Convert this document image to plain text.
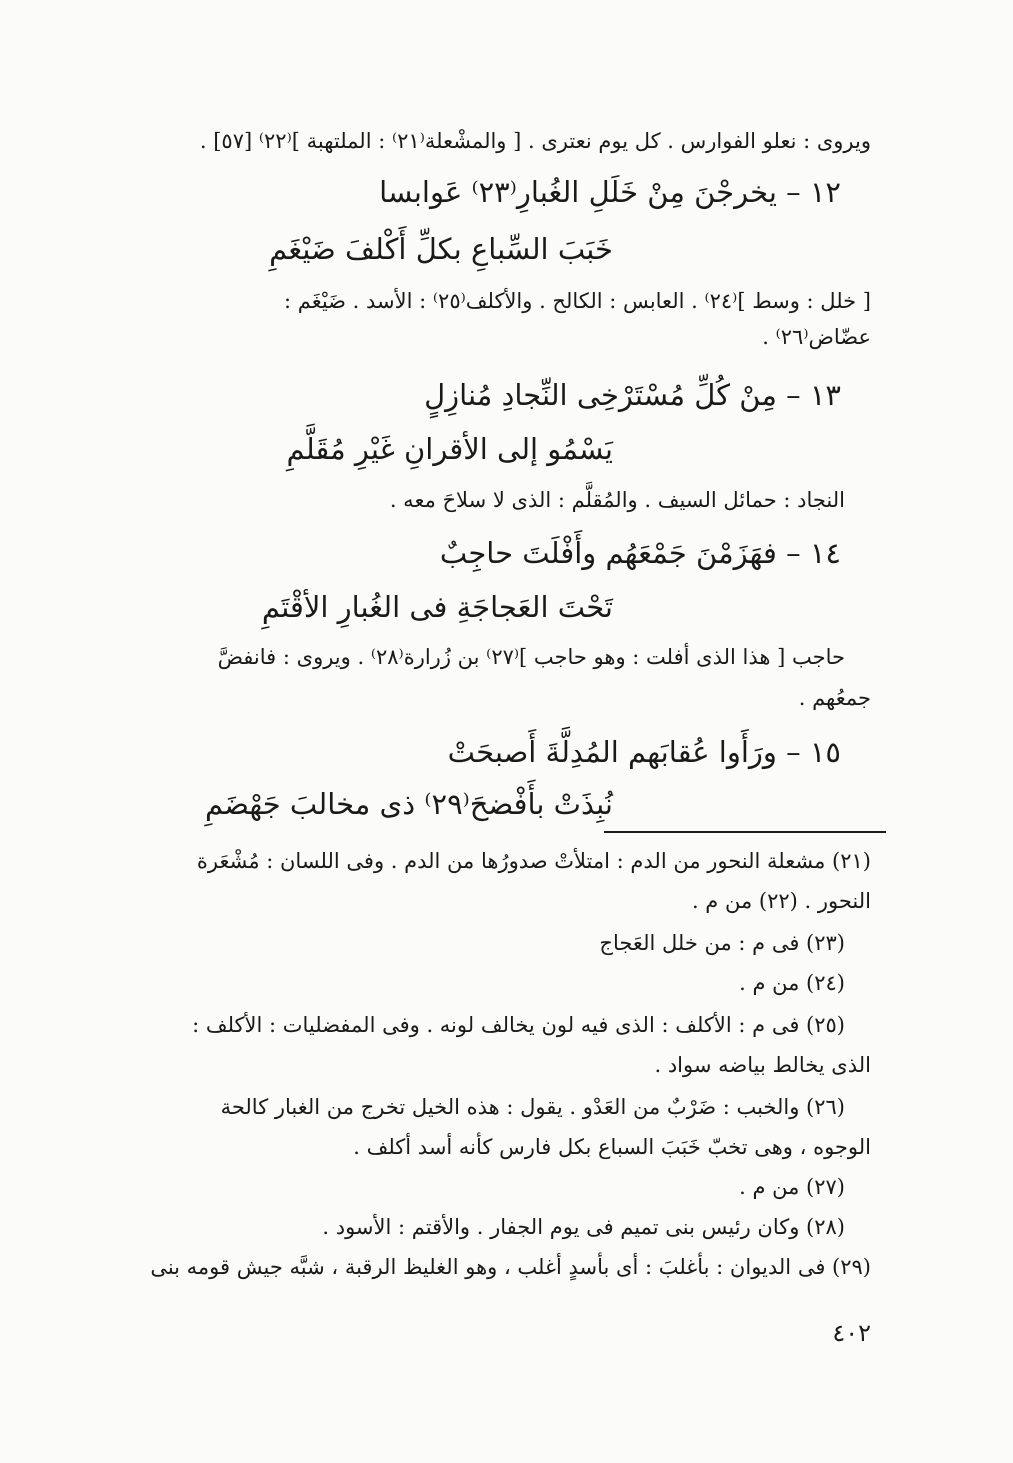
ويروى : نعلو الفوارس . كل يوم نعترى . [ والمشْعلة⁽٢١⁾ : الملتهبة ]⁽٢٢⁾ [٥٧] .
١٢ – يخرجْنَ مِنْ خَلَلِ الغُبارِ⁽٢٣⁾ عَوابسا
خَبَبَ السِّباعِ بكلِّ أَكْلفَ ضَيْغَمِ
[ خلل : وسط ]⁽٢٤⁾ . العابس : الكالح . والأكلف⁽٢٥⁾ : الأسد . ضَيْغَم :
عضّاض⁽٢٦⁾ .
١٣ – مِنْ كُلِّ مُسْتَرْخِى النِّجادِ مُنازِلٍ
يَسْمُو إلى الأقرانِ غَيْرِ مُقَلَّمِ
النجاد : حمائل السيف . والمُقلَّم : الذى لا سلاحَ معه .
١٤ – فهَزَمْنَ جَمْعَهُم وأَفْلَتَ حاجِبٌ
تَحْتَ العَجاجَةِ فى الغُبارِ الأقْتَمِ
حاجب [ هذا الذى أفلت : وهو حاجب ]⁽٢٧⁾ بن زُرارة⁽٢٨⁾ . ويروى : فانفضَّ
جمعُهم .
١٥ – ورَأَوا عُقابَهم المُدِلَّةَ أَصبحَتْ
نُبِذَتْ بأَفْضحَ⁽٢٩⁾ ذى مخالبَ جَهْضَمِ
(٢١) مشعلة النحور من الدم : امتلأتْ صدورُها من الدم . وفى اللسان : مُشْعَرة
النحور . (٢٢) من م .
(٢٣) فى م : من خلل العَجاج
(٢٤) من م .
(٢٥) فى م : الأكلف : الذى فيه لون يخالف لونه . وفى المفضليات : الأكلف :
الذى يخالط بياضه سواد .
(٢٦) والخبب : ضَرْبٌ من العَدْو . يقول : هذه الخيل تخرج من الغبار كالحة
الوجوه ، وهى تخبّ خَبَبَ السباع بكل فارس كأنه أسد أكلف .
(٢٧) من م .
(٢٨) وكان رئيس بنى تميم فى يوم الجفار . والأقتم : الأسود .
(٢٩) فى الديوان : بأغلبَ : أى بأسدٍ أغلب ، وهو الغليظ الرقبة ، شبَّه جيش قومه بنى
٤٠٢
